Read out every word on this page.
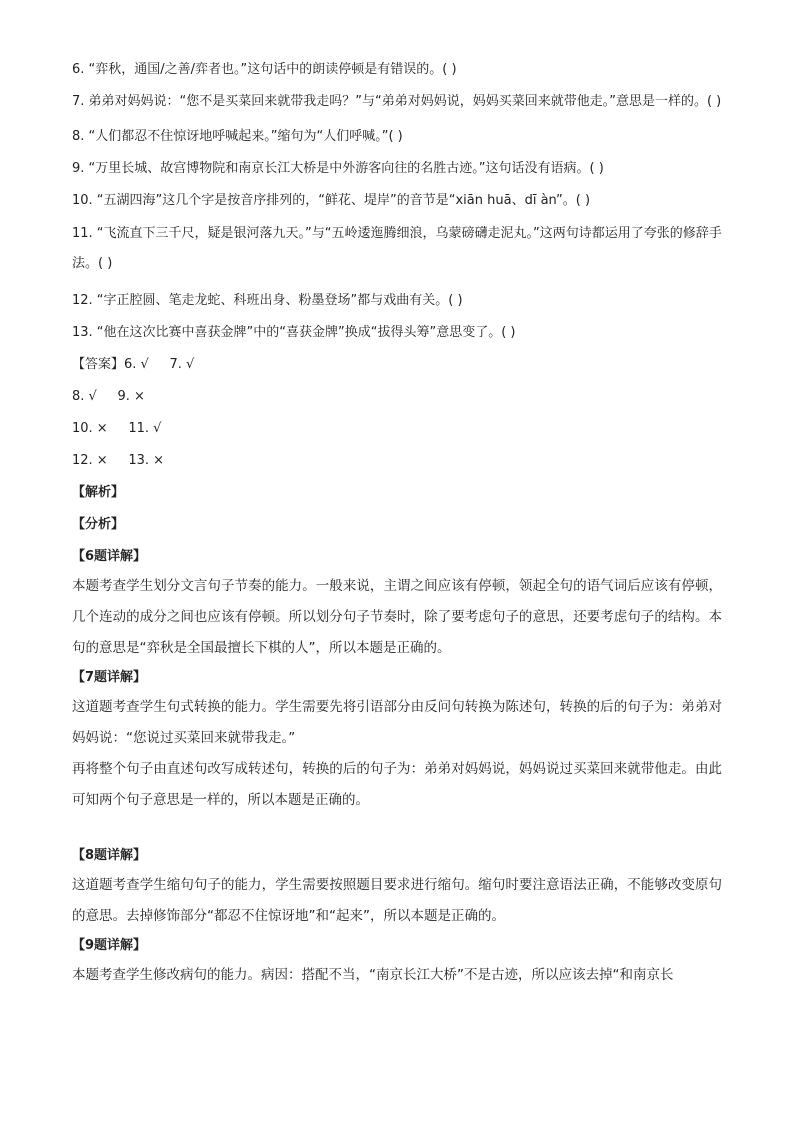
6. “弈秋，通国/之善/弈者也。”这句话中的朗读停顿是有错误的。( )
7. 弟弟对妈妈说：“您不是买菜回来就带我走吗？”与“弟弟对妈妈说，妈妈买菜回来就带他走。”意思是一样的。( )
8. “人们都忍不住惊讶地呼喊起来。”缩句为“人们呼喊。”( )
9. “万里长城、故宫博物院和南京长江大桥是中外游客向往的名胜古迹。”这句话没有语病。( )
10. “五湖四海”这几个字是按音序排列的，“鲜花、堤岸”的音节是“xiān huā、dī àn”。( )
11. “飞流直下三千尺，疑是银河落九天。”与“五岭逶迤腾细浪，乌蒙磅礴走泥丸。”这两句诗都运用了夸张的修辞手法。( )
12. “字正腔圆、笔走龙蛇、科班出身、粉墨登场”都与戏曲有关。( )
13. “他在这次比赛中喜获金牌”中的“喜获金牌”换成“拔得头筹”意思变了。( )
【答案】6. √     7. √
8. √     9. ×
10. ×     11. √
12. ×     13. ×
【解析】
【分析】
【6题详解】
本题考查学生划分文言句子节奏的能力。一般来说，主谓之间应该有停顿，领起全句的语气词后应该有停顿，几个连动的成分之间也应该有停顿。所以划分句子节奏时，除了要考虑句子的意思，还要考虑句子的结构。本句的意思是“弈秋是全国最擅长下棋的人”，所以本题是正确的。
【7题详解】
这道题考查学生句式转换的能力。学生需要先将引语部分由反问句转换为陈述句，转换的后的句子为：弟弟对妈妈说：“您说过买菜回来就带我走。”
再将整个句子由直述句改写成转述句，转换的后的句子为：弟弟对妈妈说，妈妈说过买菜回来就带他走。由此可知两个句子意思是一样的，所以本题是正确的。
【8题详解】
这道题考查学生缩句句子的能力，学生需要按照题目要求进行缩句。缩句时要注意语法正确，不能够改变原句的意思。去掉修饰部分“都忍不住惊讶地”和“起来”，所以本题是正确的。
【9题详解】
本题考查学生修改病句的能力。病因：搭配不当，“南京长江大桥”不是古迹，所以应该去掉“和南京长
